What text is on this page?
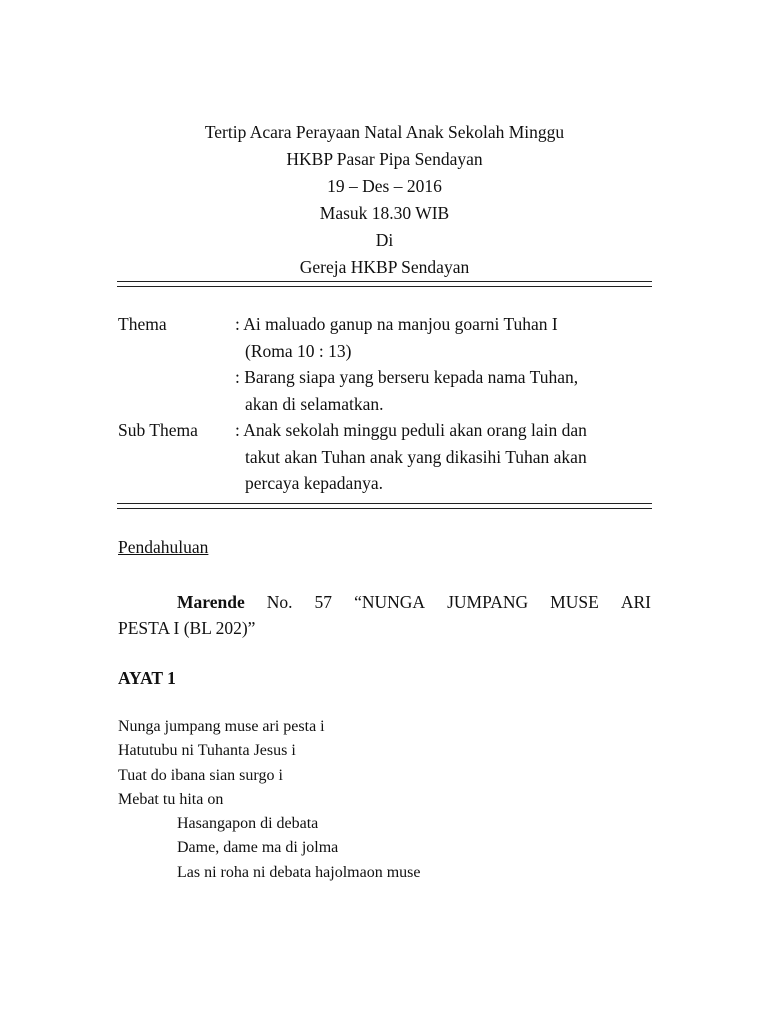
Tertip Acara Perayaan Natal Anak Sekolah Minggu
HKBP Pasar Pipa Sendayan
19 – Des – 2016
Masuk 18.30 WIB
Di
Gereja HKBP Sendayan
Thema	: Ai maluado ganup na manjou goarni Tuhan I
(Roma 10 : 13)
: Barang siapa yang berseru kepada nama Tuhan,
akan di selamatkan.
Sub Thema : Anak sekolah minggu peduli akan orang lain dan
takut akan Tuhan anak yang dikasihi Tuhan akan
percaya kepadanya.
Pendahuluan
Marende No. 57 “NUNGA JUMPANG MUSE ARI
PESTA I (BL 202)”
AYAT 1
Nunga jumpang muse ari pesta i
Hatutubu ni Tuhanta Jesus i
Tuat do ibana sian surgo i
Mebat tu hita on
Hasangapon di debata
Dame, dame ma di jolma
Las ni roha ni debata hajolmaon muse
